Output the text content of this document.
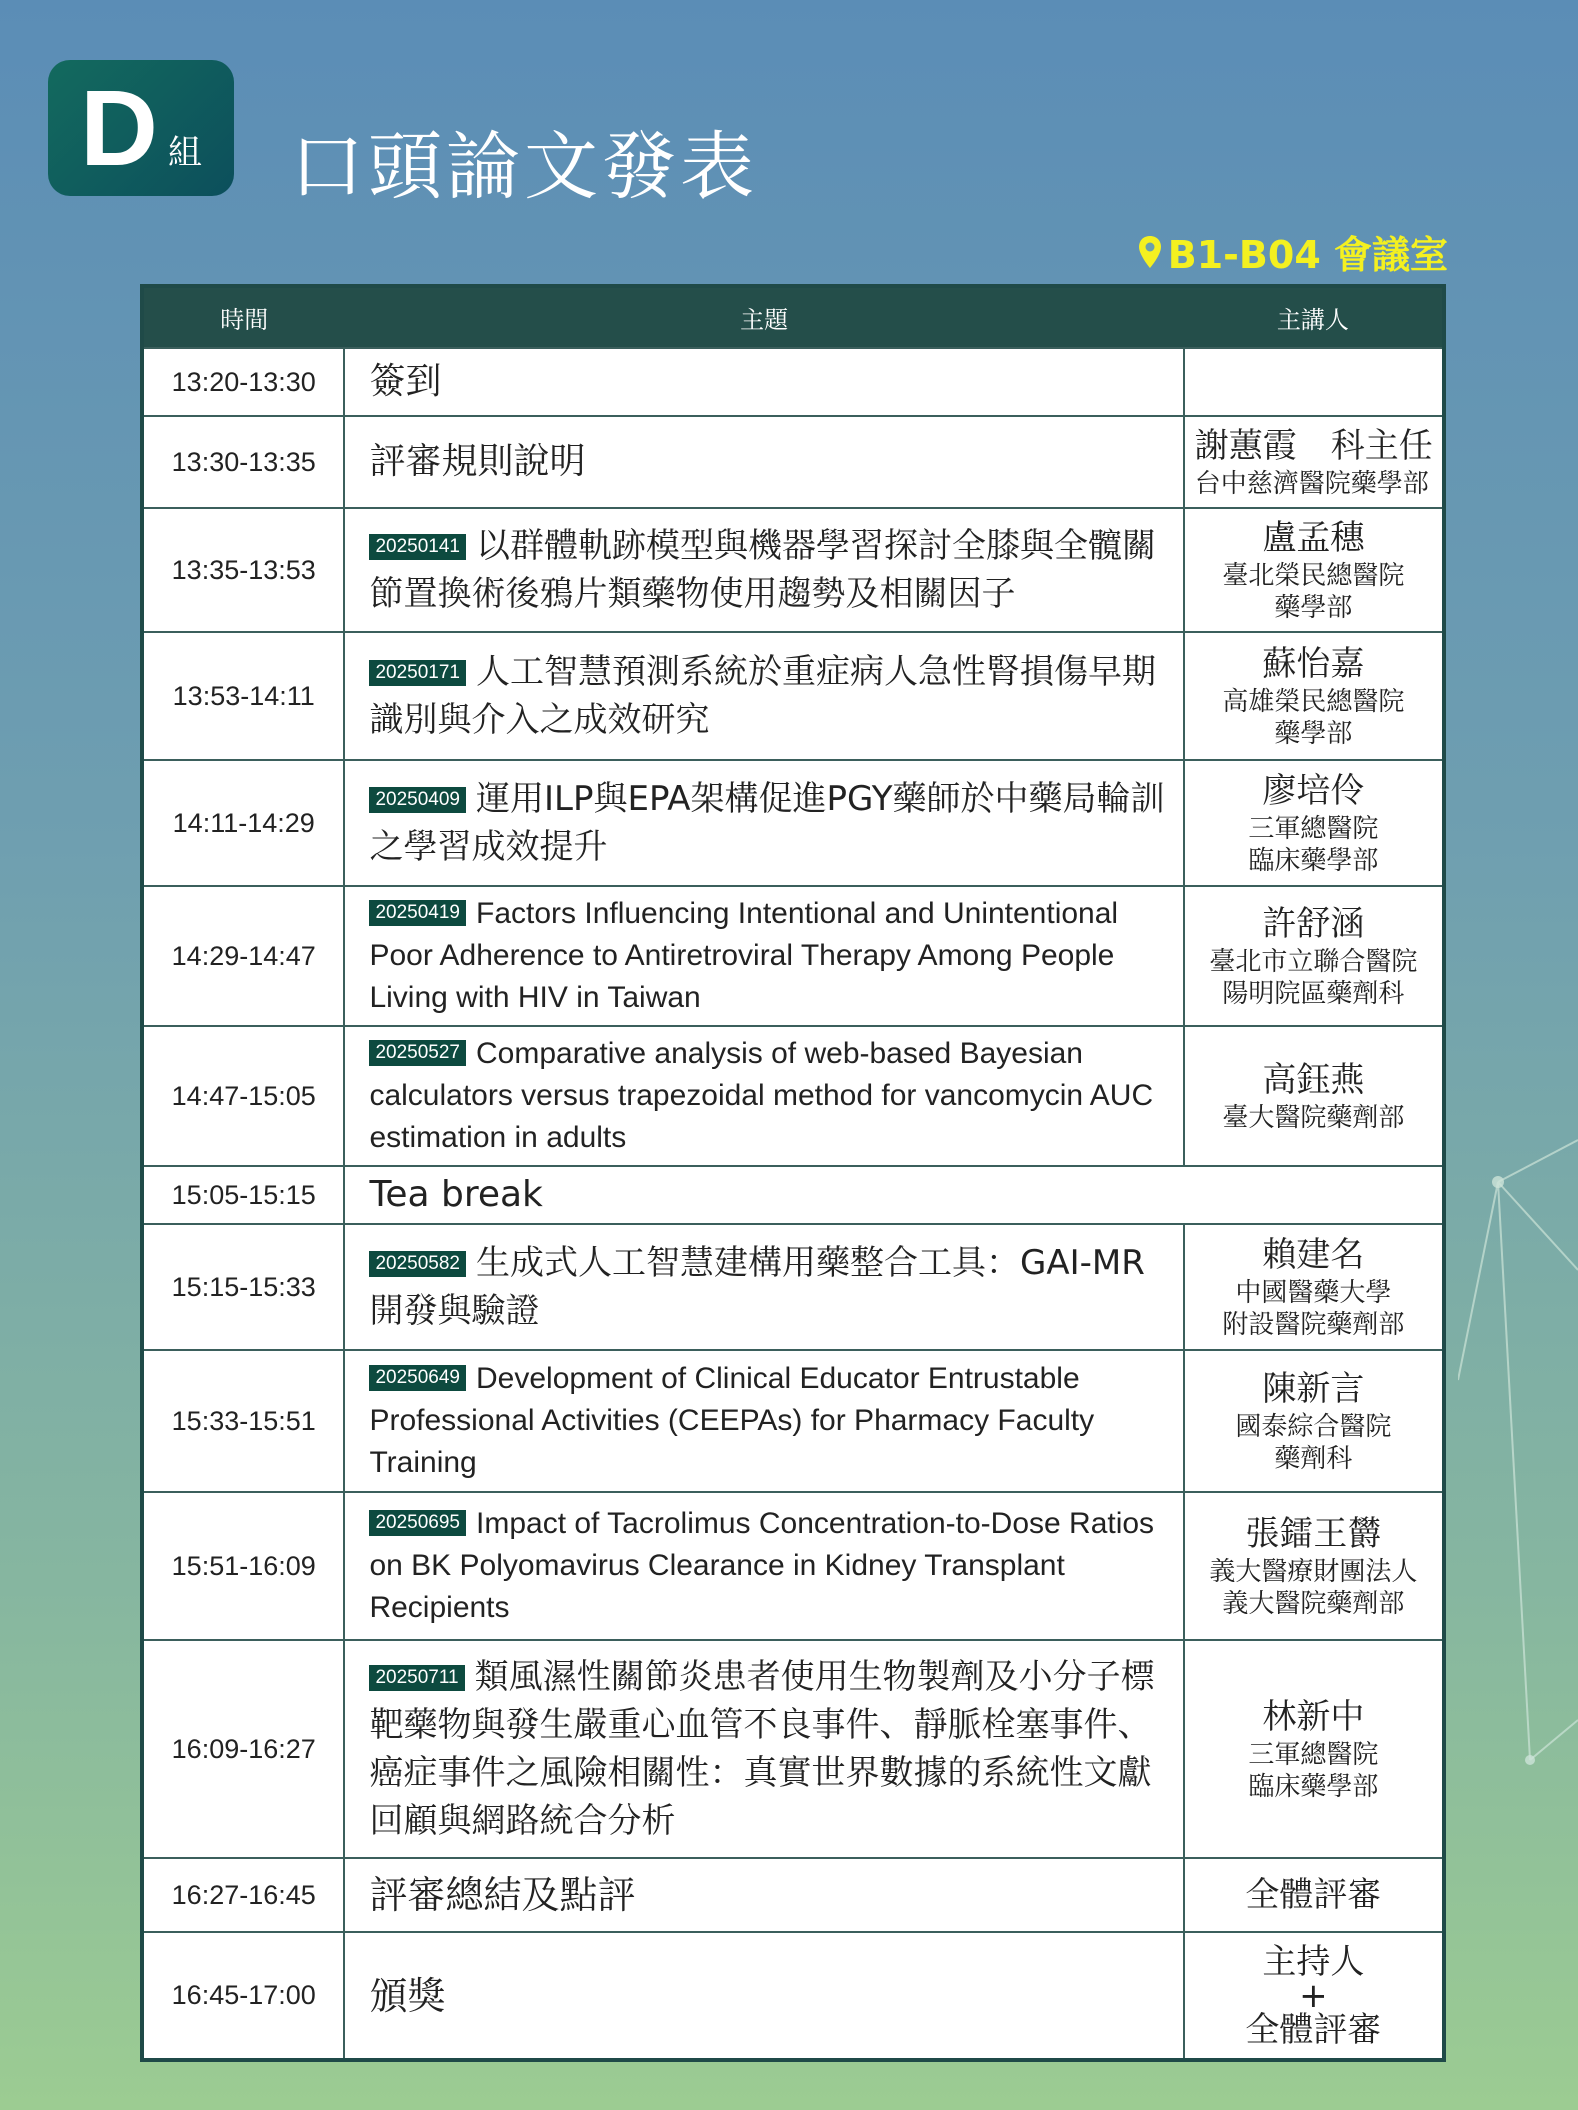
D 組 口頭論文發表
B1-B04 會議室
時間	主題	主講人
13:20-13:30	簽到	
13:30-13:35	評審規則說明	謝蕙霞　科主任
台中慈濟醫院藥學部

13:35-13:53	20250141 以群體軌跡模型與機器學習探討全膝與全髖關節置換術後鴉片類藥物使用趨勢及相關因子	盧孟穗
臺北榮民總醫院
藥學部

13:53-14:11	20250171 人工智慧預測系統於重症病人急性腎損傷早期識別與介入之成效研究	蘇怡嘉
高雄榮民總醫院
藥學部

14:11-14:29	20250409 運用ILP與EPA架構促進PGY藥師於中藥局輪訓之學習成效提升	廖培伶
三軍總醫院
臨床藥學部

14:29-14:47	20250419 Factors Influencing Intentional and Unintentional Poor Adherence to Antiretroviral Therapy Among People Living with HIV in Taiwan	許舒涵
臺北市立聯合醫院
陽明院區藥劑科

14:47-15:05	20250527 Comparative analysis of web-based Bayesian calculators versus trapezoidal method for vancomycin AUC estimation in adults	高鈺燕
臺大醫院藥劑部

15:05-15:15	Tea break	
15:15-15:33	20250582 生成式人工智慧建構用藥整合工具：GAI-MR開發與驗證	賴建名
中國醫藥大學
附設醫院藥劑部

15:33-15:51	20250649 Development of Clinical Educator Entrustable Professional Activities (CEEPAs) for Pharmacy Faculty Training	陳新言
國泰綜合醫院
藥劑科

15:51-16:09	20250695 Impact of Tacrolimus Concentration-to-Dose Ratios on BK Polyomavirus Clearance in Kidney Transplant Recipients	張鐳王欝
義大醫療財團法人
義大醫院藥劑部

16:09-16:27	20250711 類風濕性關節炎患者使用生物製劑及小分子標靶藥物與發生嚴重心血管不良事件、靜脈栓塞事件、癌症事件之風險相關性：真實世界數據的系統性文獻回顧與網路統合分析	林新中
三軍總醫院
臨床藥學部

16:27-16:45	評審總結及點評	全體評審

16:45-17:00	頒獎	主持人
+
全體評審
